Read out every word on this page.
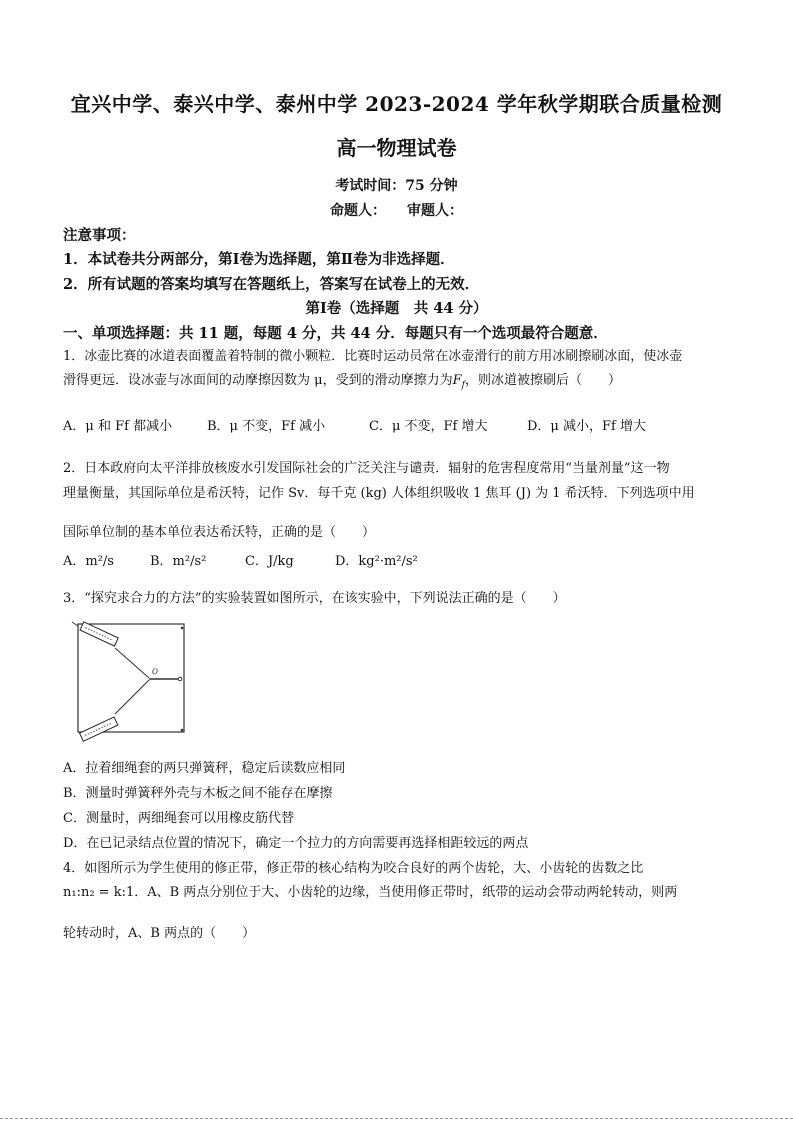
宜兴中学、泰兴中学、泰州中学 2023-2024 学年秋学期联合质量检测
高一物理试卷
考试时间：75 分钟
命题人：　　审题人：
注意事项：
1．本试卷共分两部分，第Ⅰ卷为选择题，第Ⅱ卷为非选择题．
2．所有试题的答案均填写在答题纸上，答案写在试卷上的无效．
第Ⅰ卷（选择题　共 44 分）
一、单项选择题：共 11 题，每题 4 分，共 44 分．每题只有一个选项最符合题意．
1．冰壶比赛的冰道表面覆盖着特制的微小颗粒．比赛时运动员常在冰壶滑行的前方用冰刷擦刷冰面，使冰壶
滑得更远．设冰壶与冰面间的动摩擦因数为 μ，受到的滑动摩擦力为$F_f$，则冰道被擦刷后（　　）
A．μ 和 Ff 都减小	B．μ 不变，Ff 减小	C．μ 不变，Ff 增大	D．μ 减小，Ff 增大
2．日本政府向太平洋排放核废水引发国际社会的广泛关注与谴责．辐射的危害程度常用“当量剂量”这一物
理量衡量，其国际单位是希沃特，记作 Sv．每千克 (kg) 人体组织吸收 1 焦耳 (J) 为 1 希沃特．下列选项中用
国际单位制的基本单位表达希沃特，正确的是（　　）
A．m²/s	B．m²/s²	C．J/kg	D．kg²·m²/s²
3．“探究求合力的方法”的实验装置如图所示，在该实验中，下列说法正确的是（　　）
O
A．拉着细绳套的两只弹簧秤，稳定后读数应相同
B．测量时弹簧秤外壳与木板之间不能存在摩擦
C．测量时，两细绳套可以用橡皮筋代替
D．在已记录结点位置的情况下，确定一个拉力的方向需要再选择相距较远的两点
4．如图所示为学生使用的修正带，修正带的核心结构为咬合良好的两个齿轮，大、小齿轮的齿数之比
n₁:n₂ = k:1．A、B 两点分别位于大、小齿轮的边缘，当使用修正带时，纸带的运动会带动两轮转动，则两
轮转动时，A、B 两点的（　　）
